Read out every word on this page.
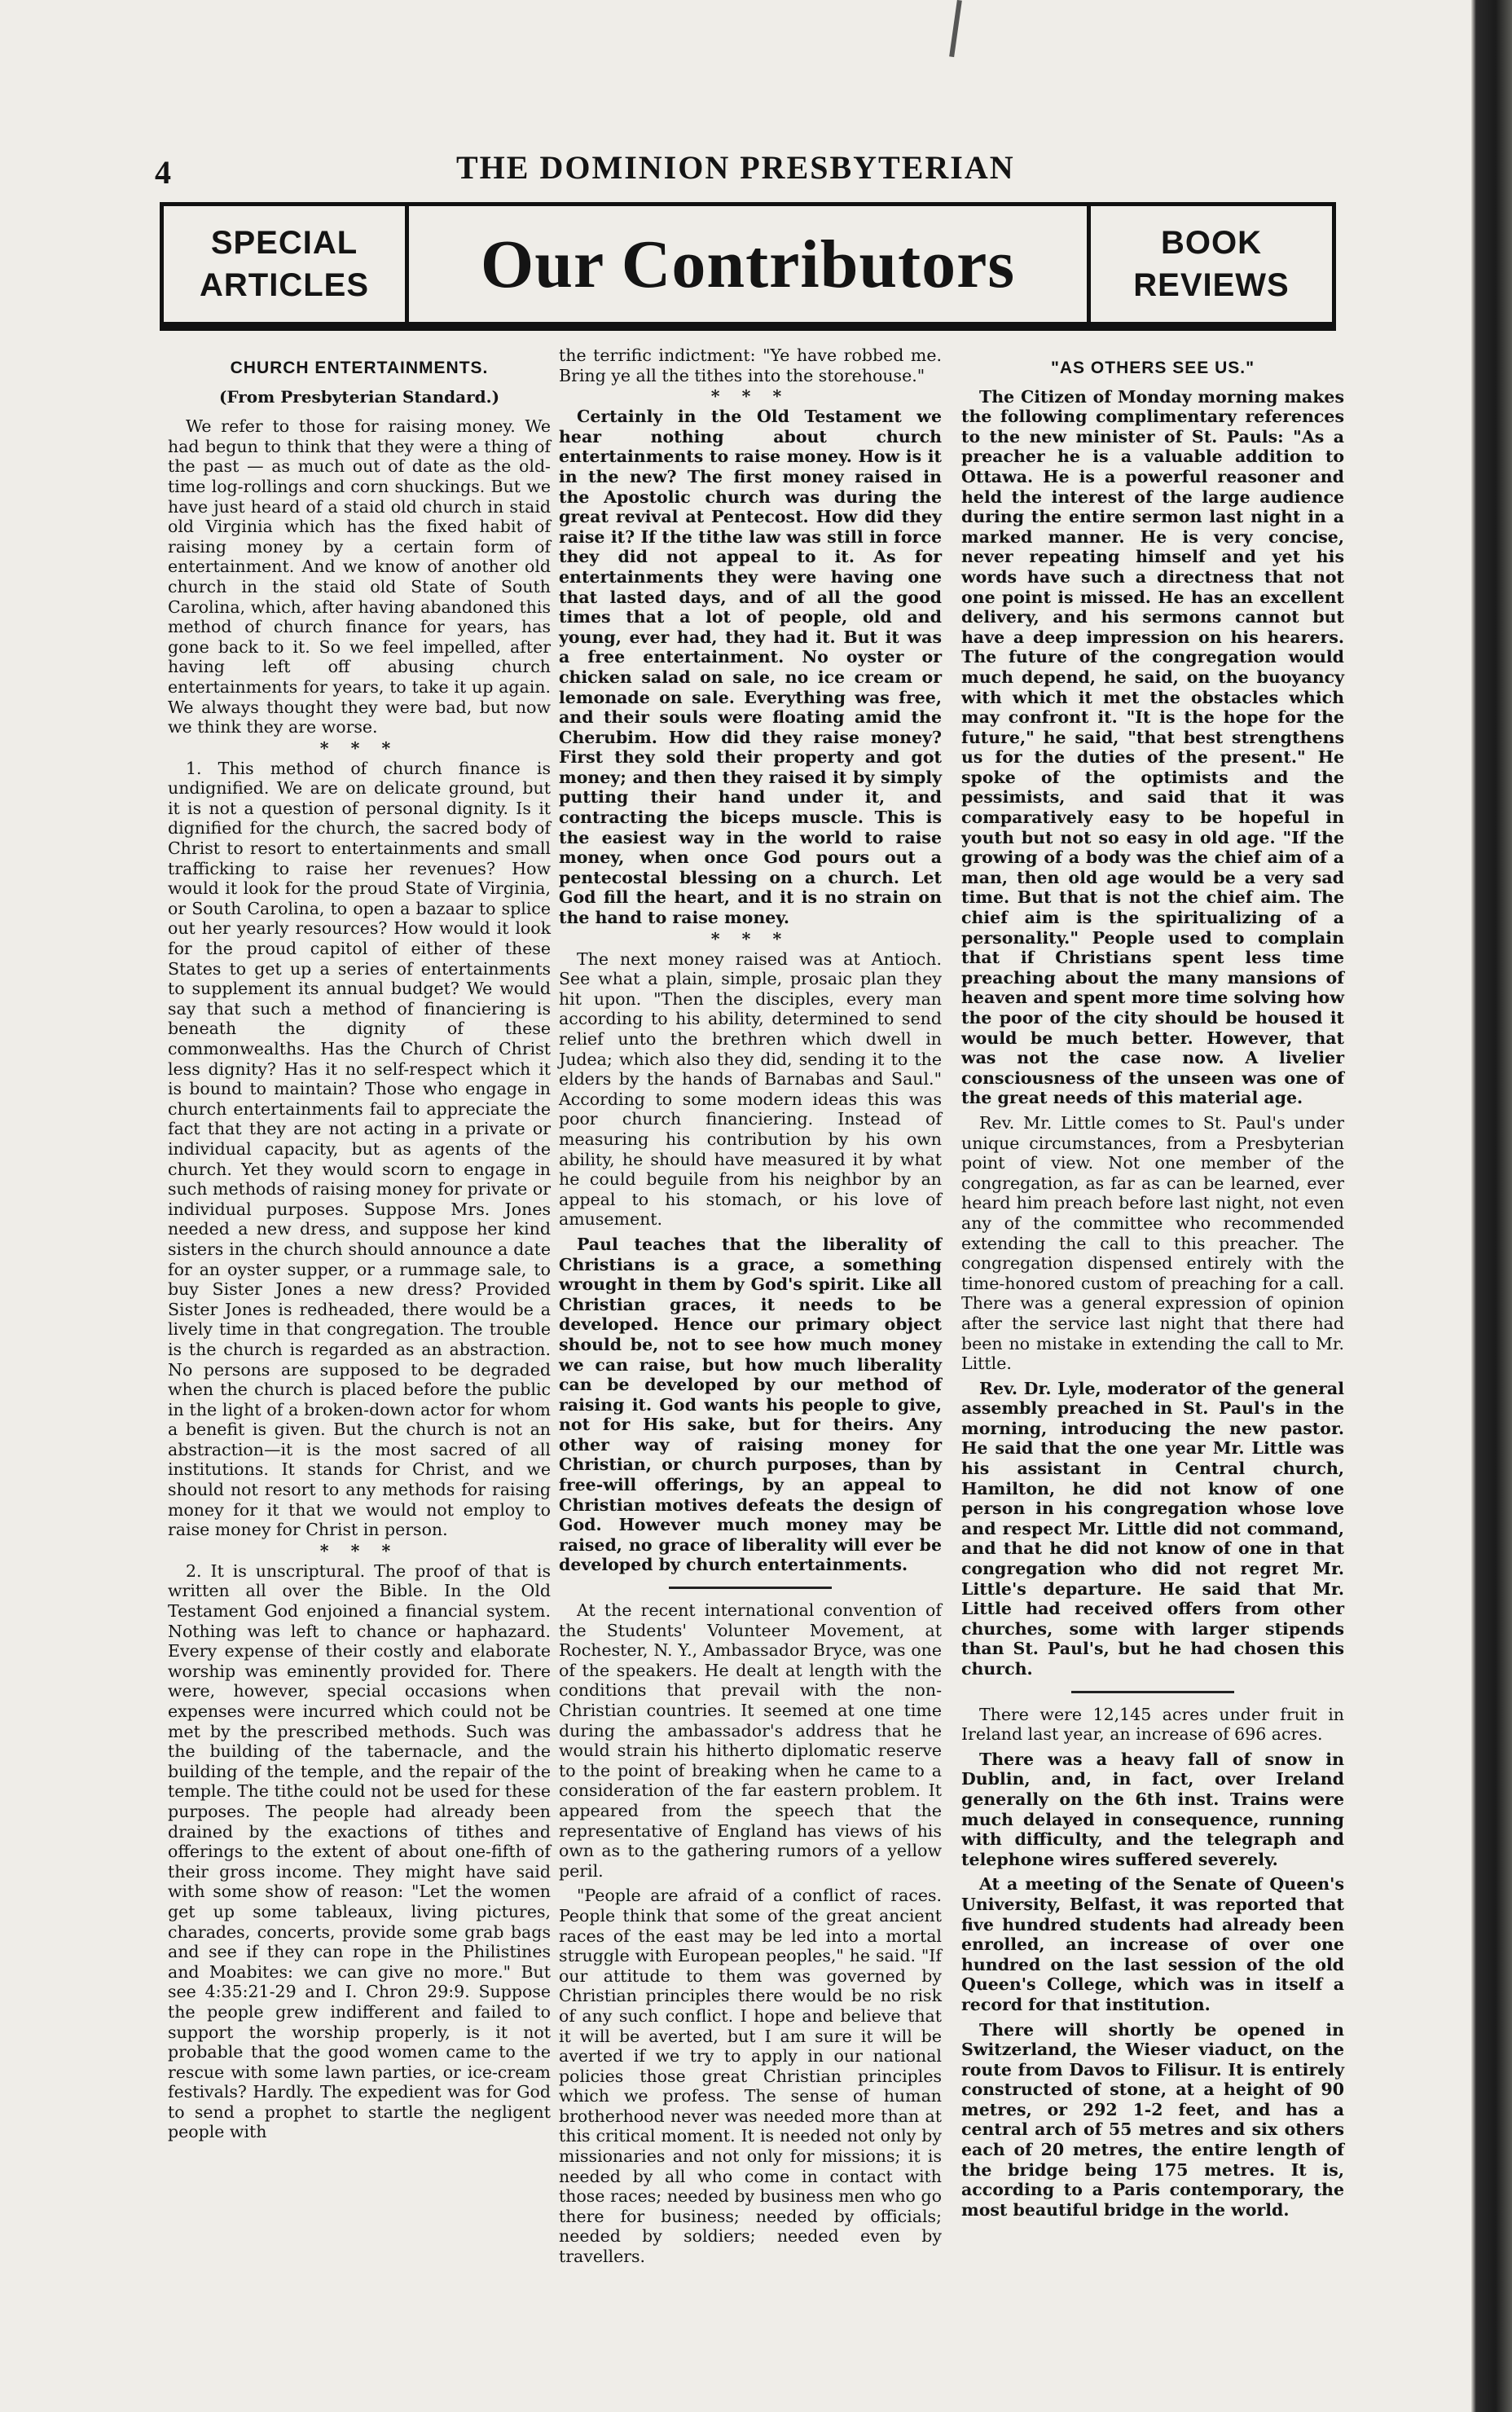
4	THE DOMINION PRESBYTERIAN
SPECIAL
ARTICLES	Our Contributors	BOOK
REVIEWS
CHURCH ENTERTAINMENTS.
(From Presbyterian Standard.)

We refer to those for raising money. We had begun to think that they were a thing of the past — as much out of date as the old-time log-rollings and corn shuckings. But we have just heard of a staid old church in staid old Virginia which has the fixed habit of raising money by a certain form of entertainment. And we know of another old church in the staid old State of South Carolina, which, after having abandoned this method of church finance for years, has gone back to it. So we feel impelled, after having left off abusing church entertainments for years, to take it up again. We always thought they were bad, but now we think they are worse.

* * *

1. This method of church finance is undignified. We are on delicate ground, but it is not a question of personal dignity. Is it dignified for the church, the sacred body of Christ to resort to entertainments and small trafficking to raise her revenues? How would it look for the proud State of Virginia, or South Carolina, to open a bazaar to splice out her yearly resources? How would it look for the proud capitol of either of these States to get up a series of entertainments to supplement its annual budget? We would say that such a method of financiering is beneath the dignity of these commonwealths. Has the Church of Christ less dignity? Has it no self-respect which it is bound to maintain? Those who engage in church entertainments fail to appreciate the fact that they are not acting in a private or individual capacity, but as agents of the church. Yet they would scorn to engage in such methods of raising money for private or individual purposes. Suppose Mrs. Jones needed a new dress, and suppose her kind sisters in the church should announce a date for an oyster supper, or a rummage sale, to buy Sister Jones a new dress? Provided Sister Jones is redheaded, there would be a lively time in that congregation. The trouble is the church is regarded as an abstraction. No persons are supposed to be degraded when the church is placed before the public in the light of a broken-down actor for whom a benefit is given. But the church is not an abstraction—it is the most sacred of all institutions. It stands for Christ, and we should not resort to any methods for raising money for it that we would not employ to raise money for Christ in person.

* * *

2. It is unscriptural. The proof of that is written all over the Bible. In the Old Testament God enjoined a financial system. Nothing was left to chance or haphazard. Every expense of their costly and elaborate worship was eminently provided for. There were, however, special occasions when expenses were incurred which could not be met by the prescribed methods. Such was the building of the tabernacle, and the building of the temple, and the repair of the temple. The tithe could not be used for these purposes. The people had already been drained by the exactions of tithes and offerings to the extent of about one-fifth of their gross income. They might have said with some show of reason: "Let the women get up some tableaux, living pictures, charades, concerts, provide some grab bags and see if they can rope in the Philistines and Moabites: we can give no more." But see 4:35:21-29 and I. Chron 29:9. Suppose the people grew indifferent and failed to support the worship properly, is it not probable that the good women came to the rescue with some lawn parties, or ice-cream festivals? Hardly. The expedient was for God to send a prophet to startle the negligent people with

the terrific indictment: "Ye have robbed me. Bring ye all the tithes into the storehouse."

* * *

Certainly in the Old Testament we hear nothing about church entertainments to raise money. How is it in the new? The first money raised in the Apostolic church was during the great revival at Pentecost. How did they raise it? If the tithe law was still in force they did not appeal to it. As for entertainments they were having one that lasted days, and of all the good times that a lot of people, old and young, ever had, they had it. But it was a free entertainment. No oyster or chicken salad on sale, no ice cream or lemonade on sale. Everything was free, and their souls were floating amid the Cherubim. How did they raise money? First they sold their property and got money; and then they raised it by simply putting their hand under it, and contracting the biceps muscle. This is the easiest way in the world to raise money, when once God pours out a pentecostal blessing on a church. Let God fill the heart, and it is no strain on the hand to raise money.

* * *

The next money raised was at Antioch. See what a plain, simple, prosaic plan they hit upon. "Then the disciples, every man according to his ability, determined to send relief unto the brethren which dwell in Judea; which also they did, sending it to the elders by the hands of Barnabas and Saul." According to some modern ideas this was poor church financiering. Instead of measuring his contribution by his own ability, he should have measured it by what he could beguile from his neighbor by an appeal to his stomach, or his love of amusement.

Paul teaches that the liberality of Christians is a grace, a something wrought in them by God's spirit. Like all Christian graces, it needs to be developed. Hence our primary object should be, not to see how much money we can raise, but how much liberality can be developed by our method of raising it. God wants his people to give, not for His sake, but for theirs. Any other way of raising money for Christian, or church purposes, than by free-will offerings, by an appeal to Christian motives defeats the design of God. However much money may be raised, no grace of liberality will ever be developed by church entertainments.

At the recent international convention of the Students' Volunteer Movement, at Rochester, N. Y., Ambassador Bryce, was one of the speakers. He dealt at length with the conditions that prevail with the non-Christian countries. It seemed at one time during the ambassador's address that he would strain his hitherto diplomatic reserve to the point of breaking when he came to a consideration of the far eastern problem. It appeared from the speech that the representative of England has views of his own as to the gathering rumors of a yellow peril.

"People are afraid of a conflict of races. People think that some of the great ancient races of the east may be led into a mortal struggle with European peoples," he said. "If our attitude to them was governed by Christian principles there would be no risk of any such conflict. I hope and believe that it will be averted, but I am sure it will be averted if we try to apply in our national policies those great Christian principles which we profess. The sense of human brotherhood never was needed more than at this critical moment. It is needed not only by missionaries and not only for missions; it is needed by all who come in contact with those races; needed by business men who go there for business; needed by officials; needed by soldiers; needed even by travellers.

"AS OTHERS SEE US."

The Citizen of Monday morning makes the following complimentary references to the new minister of St. Pauls: "As a preacher he is a valuable addition to Ottawa. He is a powerful reasoner and held the interest of the large audience during the entire sermon last night in a marked manner. He is very concise, never repeating himself and yet his words have such a directness that not one point is missed. He has an excellent delivery, and his sermons cannot but have a deep impression on his hearers. The future of the congregation would much depend, he said, on the buoyancy with which it met the obstacles which may confront it. "It is the hope for the future," he said, "that best strengthens us for the duties of the present." He spoke of the optimists and the pessimists, and said that it was comparatively easy to be hopeful in youth but not so easy in old age. "If the growing of a body was the chief aim of a man, then old age would be a very sad time. But that is not the chief aim. The chief aim is the spiritualizing of a personality." People used to complain that if Christians spent less time preaching about the many mansions of heaven and spent more time solving how the poor of the city should be housed it would be much better. However, that was not the case now. A livelier consciousness of the unseen was one of the great needs of this material age.

Rev. Mr. Little comes to St. Paul's under unique circumstances, from a Presbyterian point of view. Not one member of the congregation, as far as can be learned, ever heard him preach before last night, not even any of the committee who recommended extending the call to this preacher. The congregation dispensed entirely with the time-honored custom of preaching for a call. There was a general expression of opinion after the service last night that there had been no mistake in extending the call to Mr. Little.

Rev. Dr. Lyle, moderator of the general assembly preached in St. Paul's in the morning, introducing the new pastor. He said that the one year Mr. Little was his assistant in Central church, Hamilton, he did not know of one person in his congregation whose love and respect Mr. Little did not command, and that he did not know of one in that congregation who did not regret Mr. Little's departure. He said that Mr. Little had received offers from other churches, some with larger stipends than St. Paul's, but he had chosen this church.

There were 12,145 acres under fruit in Ireland last year, an increase of 696 acres.

There was a heavy fall of snow in Dublin, and, in fact, over Ireland generally on the 6th inst. Trains were much delayed in consequence, running with difficulty, and the telegraph and telephone wires suffered severely.

At a meeting of the Senate of Queen's University, Belfast, it was reported that five hundred students had already been enrolled, an increase of over one hundred on the last session of the old Queen's College, which was in itself a record for that institution.

There will shortly be opened in Switzerland, the Wieser viaduct, on the route from Davos to Filisur. It is entirely constructed of stone, at a height of 90 metres, or 292 1-2 feet, and has a central arch of 55 metres and six others each of 20 metres, the entire length of the bridge being 175 metres. It is, according to a Paris contemporary, the most beautiful bridge in the world.
